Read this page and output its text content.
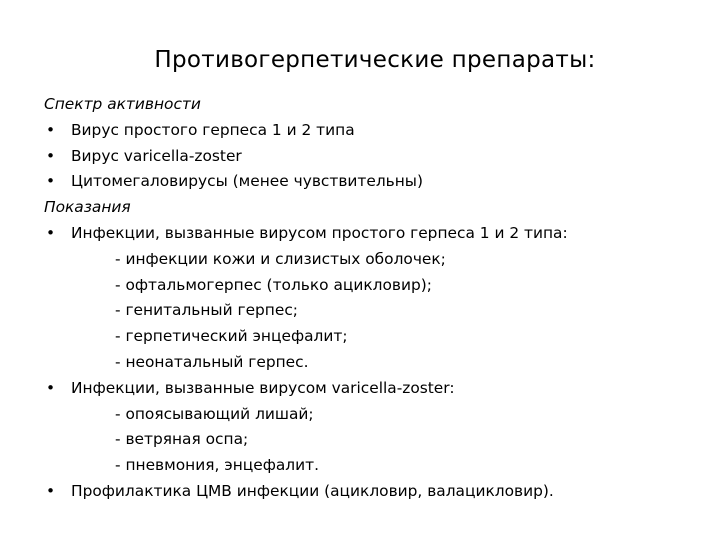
Противогерпетические препараты:
Спектр активности
•	Вирус простого герпеса 1 и 2 типа
•	Вирус varicella-zoster
•	Цитомегаловирусы (менее чувствительны)
Показания
•	Инфекции, вызванные вирусом простого герпеса 1 и 2 типа:
- инфекции кожи и слизистых оболочек;
- офтальмогерпес (только ацикловир);
- генитальный герпес;
- герпетический энцефалит;
- неонатальный герпес.
•	Инфекции, вызванные вирусом varicella-zoster:
- опоясывающий лишай;
- ветряная оспа;
- пневмония, энцефалит.
•	Профилактика ЦМВ инфекции (ацикловир, валацикловир).
